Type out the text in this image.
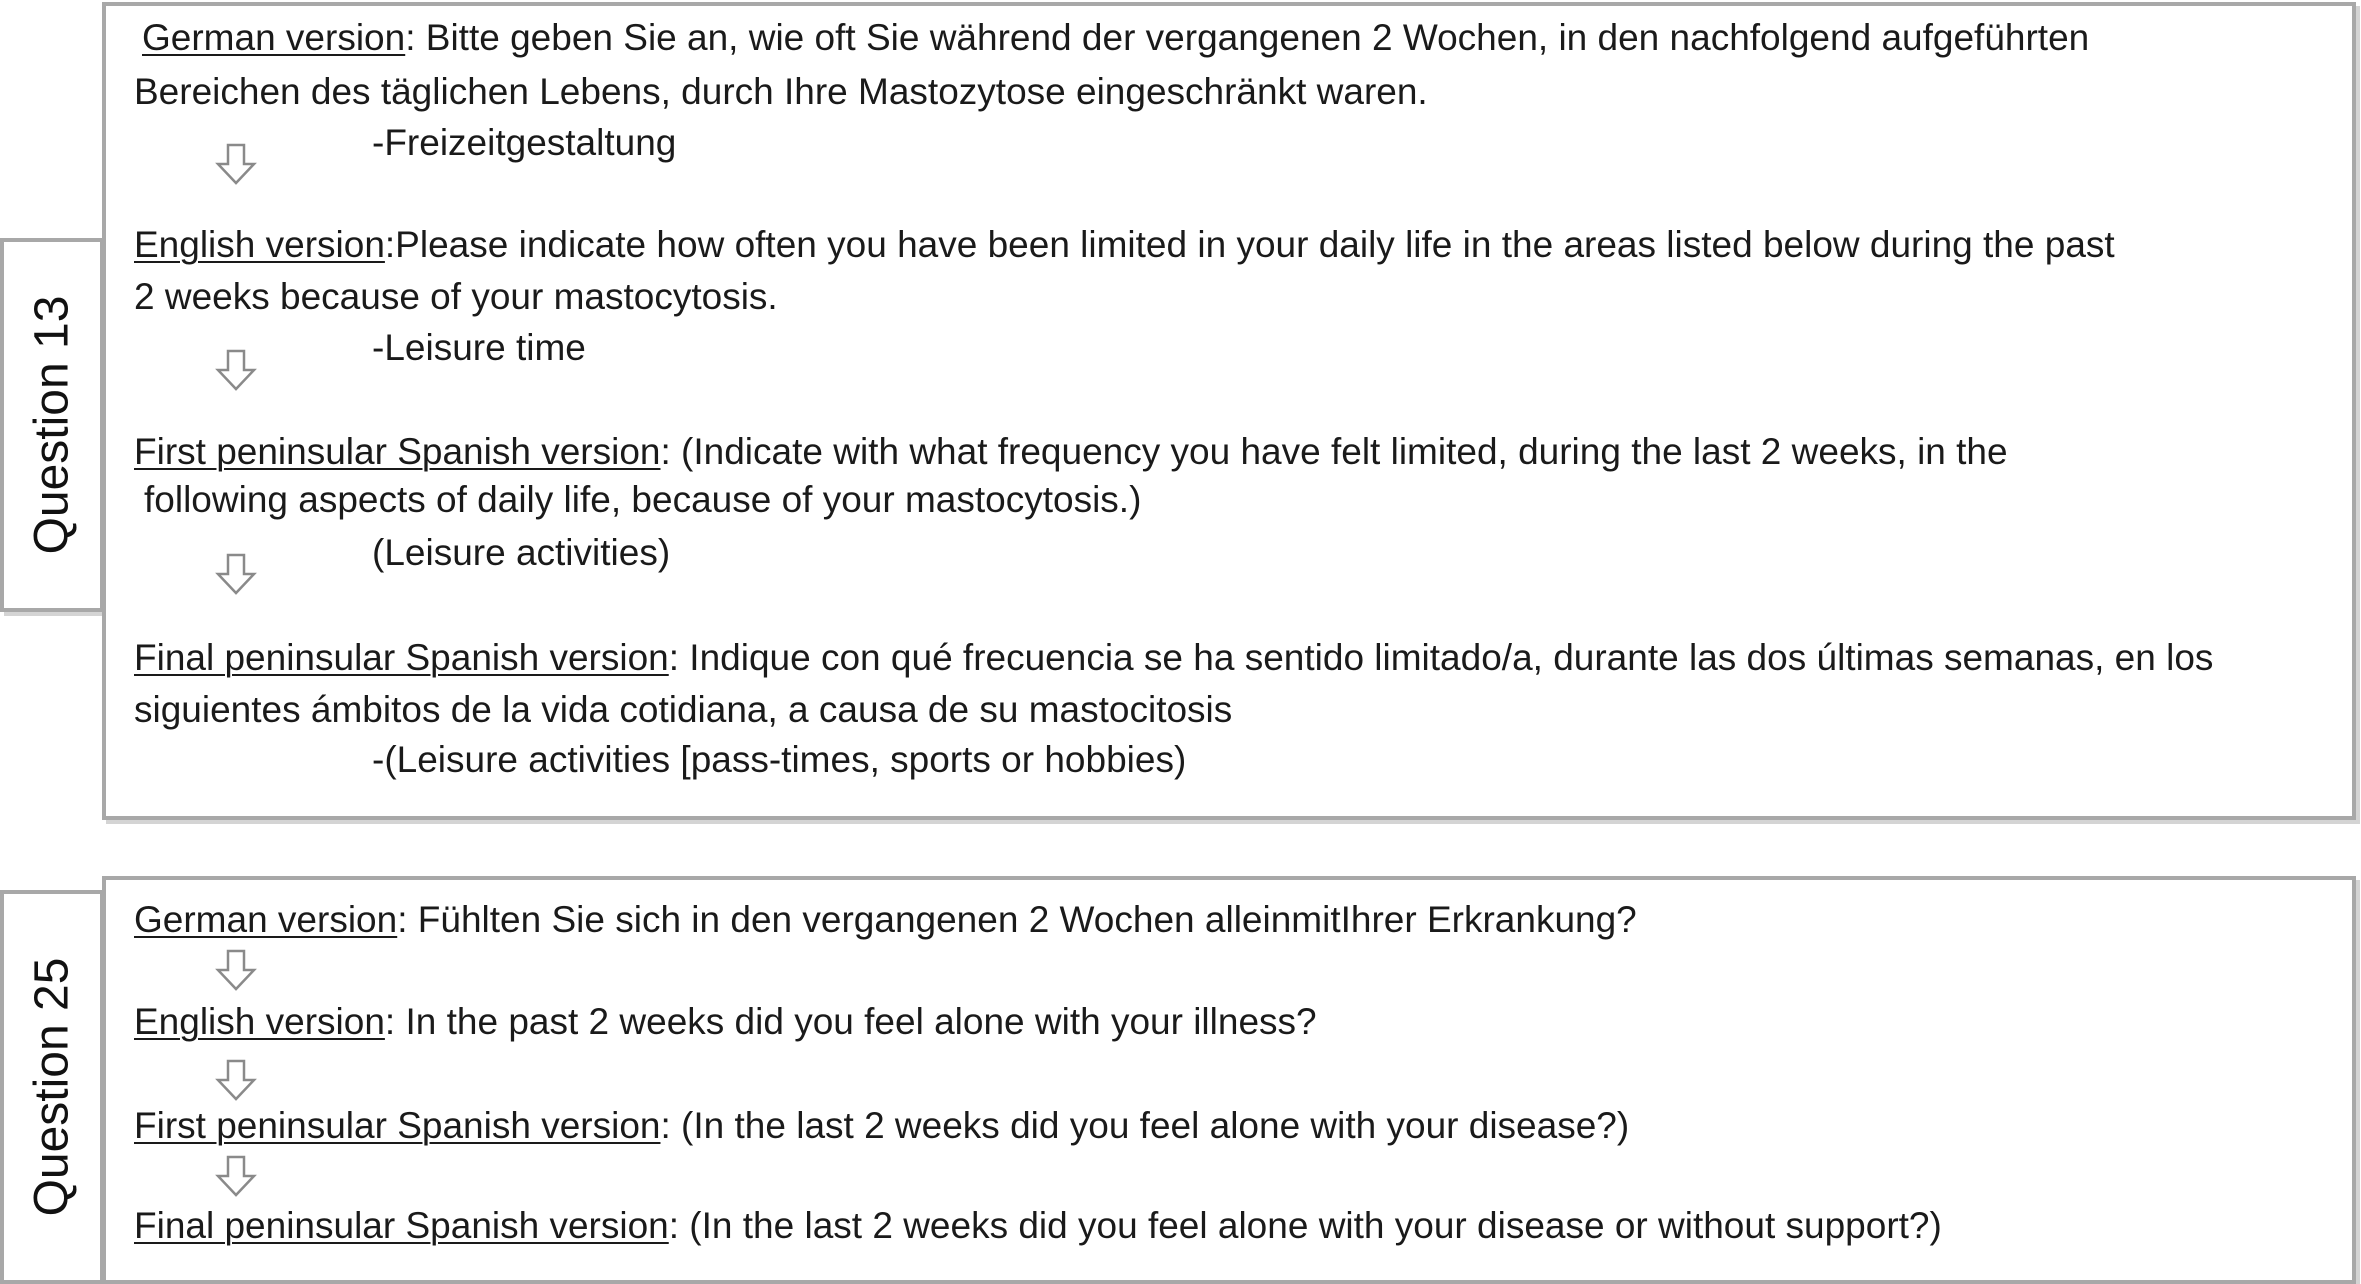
Question 13
German version: Bitte geben Sie an, wie oft Sie während der vergangenen 2 Wochen, in den nachfolgend aufgeführten
Bereichen des täglichen Lebens, durch Ihre Mastozytose eingeschränkt waren.
-Freizeitgestaltung
English version:Please indicate how often you have been limited in your daily life in the areas listed below during the past
2 weeks because of your mastocytosis.
-Leisure time
First peninsular Spanish version: (Indicate with what frequency you have felt limited, during the last 2 weeks, in the
following aspects of daily life, because of your mastocytosis.)
(Leisure activities)
Final peninsular Spanish version: Indique con qué frecuencia se ha sentido limitado/a, durante las dos últimas semanas, en los
siguientes ámbitos de la vida cotidiana, a causa de su mastocitosis
-(Leisure activities [pass-times, sports or hobbies)
Question 25
German version: Fühlten Sie sich in den vergangenen 2 Wochen alleinmitIhrer Erkrankung?
English version: In the past 2 weeks did you feel alone with your illness?
First peninsular Spanish version: (In the last 2 weeks did you feel alone with your disease?)
Final peninsular Spanish version: (In the last 2 weeks did you feel alone with your disease or without support?)
